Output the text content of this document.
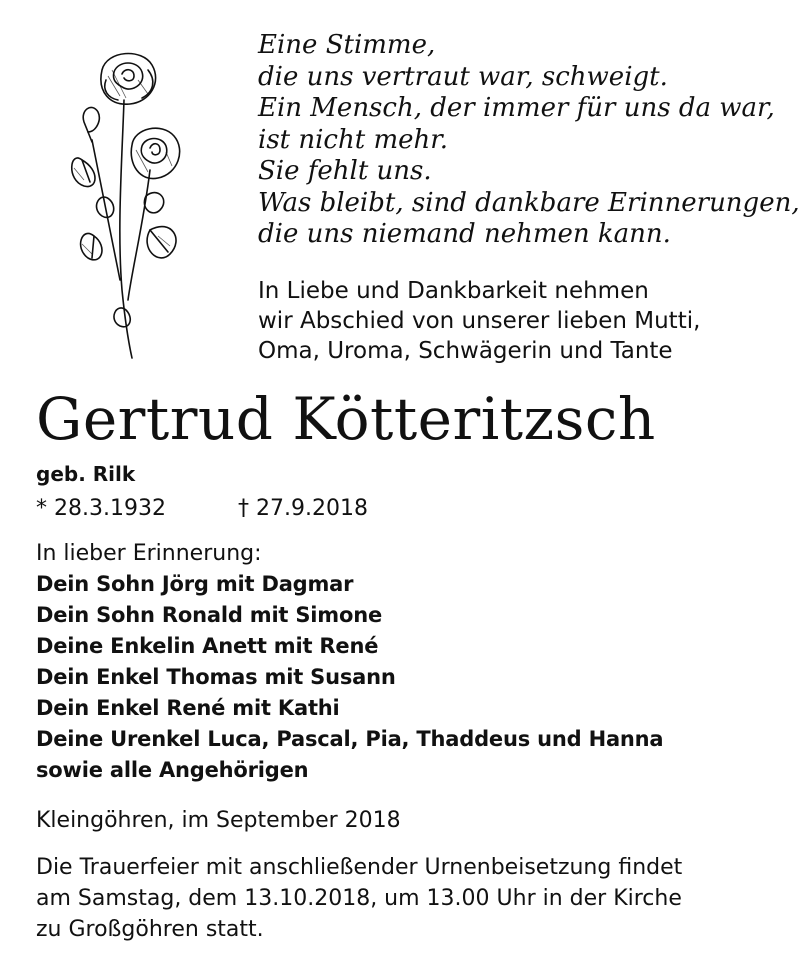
Eine Stimme,
die uns vertraut war, schweigt.
Ein Mensch, der immer für uns da war,
ist nicht mehr.
Sie fehlt uns.
Was bleibt, sind dankbare Erinnerungen,
die uns niemand nehmen kann.
In Liebe und Dankbarkeit nehmen
wir Abschied von unserer lieben Mutti,
Oma, Uroma, Schwägerin und Tante
Gertrud Kötteritzsch
geb. Rilk
* 28.3.1932	† 27.9.2018
In lieber Erinnerung:
Dein Sohn Jörg mit Dagmar
Dein Sohn Ronald mit Simone
Deine Enkelin Anett mit René
Dein Enkel Thomas mit Susann
Dein Enkel René mit Kathi
Deine Urenkel Luca, Pascal, Pia, Thaddeus und Hanna
sowie alle Angehörigen
Kleingöhren, im September 2018
Die Trauerfeier mit anschließender Urnenbeisetzung findet
am Samstag, dem 13.10.2018, um 13.00 Uhr in der Kirche
zu Großgöhren statt.
